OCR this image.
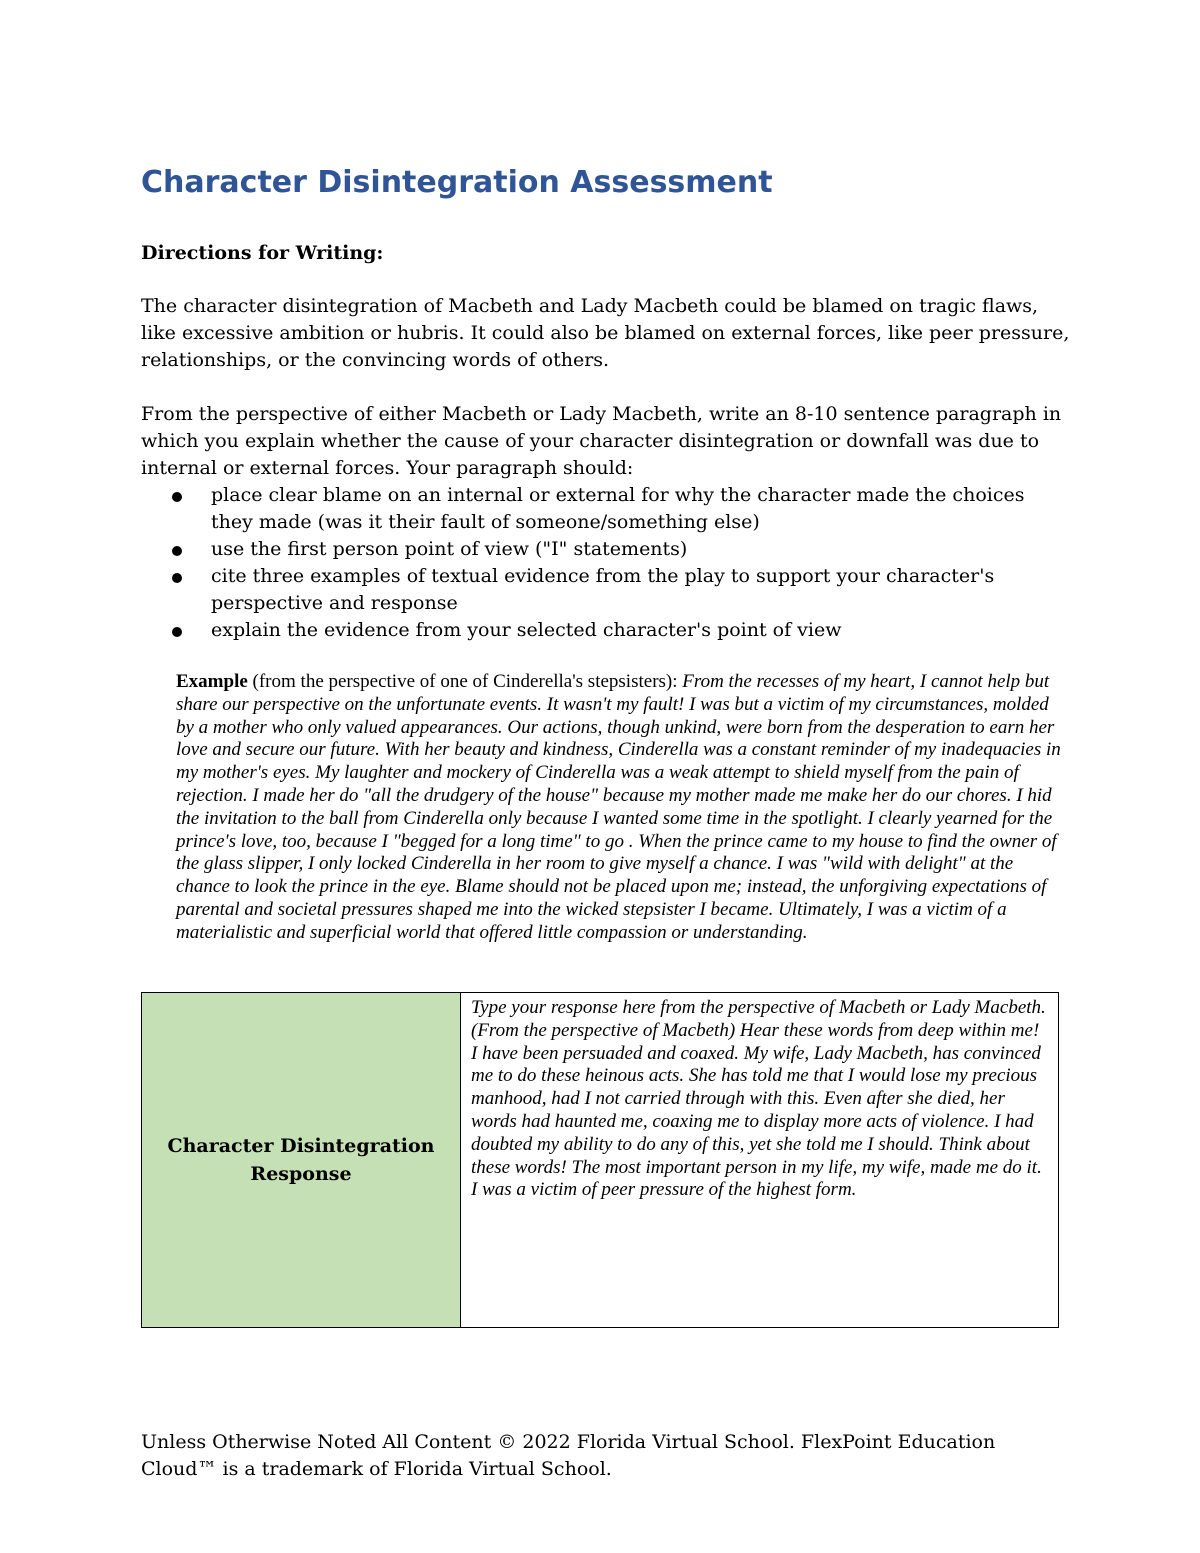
Character Disintegration Assessment
Directions for Writing:

The character disintegration of Macbeth and Lady Macbeth could be blamed on tragic flaws, like excessive ambition or hubris. It could also be blamed on external forces, like peer pressure, relationships, or the convincing words of others.

From the perspective of either Macbeth or Lady Macbeth, write an 8-10 sentence paragraph in which you explain whether the cause of your character disintegration or downfall was due to internal or external forces. Your paragraph should:

place clear blame on an internal or external for why the character made the choices they made (was it their fault of someone/something else)
use the first person point of view ("I" statements)
cite three examples of textual evidence from the play to support your character's perspective and response
explain the evidence from your selected character's point of view

Example (from the perspective of one of Cinderella's stepsisters): From the recesses of my heart, I cannot help but share our perspective on the unfortunate events. It wasn't my fault! I was but a victim of my circumstances, molded by a mother who only valued appearances. Our actions, though unkind, were born from the desperation to earn her love and secure our future. With her beauty and kindness, Cinderella was a constant reminder of my inadequacies in my mother's eyes. My laughter and mockery of Cinderella was a weak attempt to shield myself from the pain of rejection. I made her do "all the drudgery of the house" because my mother made me make her do our chores. I hid the invitation to the ball from Cinderella only because I wanted some time in the spotlight. I clearly yearned for the prince's love, too, because I "begged for a long time" to go . When the prince came to my house to find the owner of the glass slipper, I only locked Cinderella in her room to give myself a chance. I was "wild with delight" at the chance to look the prince in the eye. Blame should not be placed upon me; instead, the unforgiving expectations of parental and societal pressures shaped me into the wicked stepsister I became. Ultimately, I was a victim of a materialistic and superficial world that offered little compassion or understanding.

Character Disintegration Response	

Type your response here from the perspective of Macbeth or Lady Macbeth.

(From the perspective of Macbeth) Hear these words from deep within me! I have been persuaded and coaxed. My wife, Lady Macbeth, has convinced me to do these heinous acts. She has told me that I would lose my precious manhood, had I not carried through with this. Even after she died, her words had haunted me, coaxing me to display more acts of violence. I had doubted my ability to do any of this, yet she told me I should. Think about these words! The most important person in my life, my wife, made me do it. I was a victim of peer pressure of the highest form.

Unless Otherwise Noted All Content © 2022 Florida Virtual School. FlexPoint Education Cloud™ is a trademark of Florida Virtual School.
